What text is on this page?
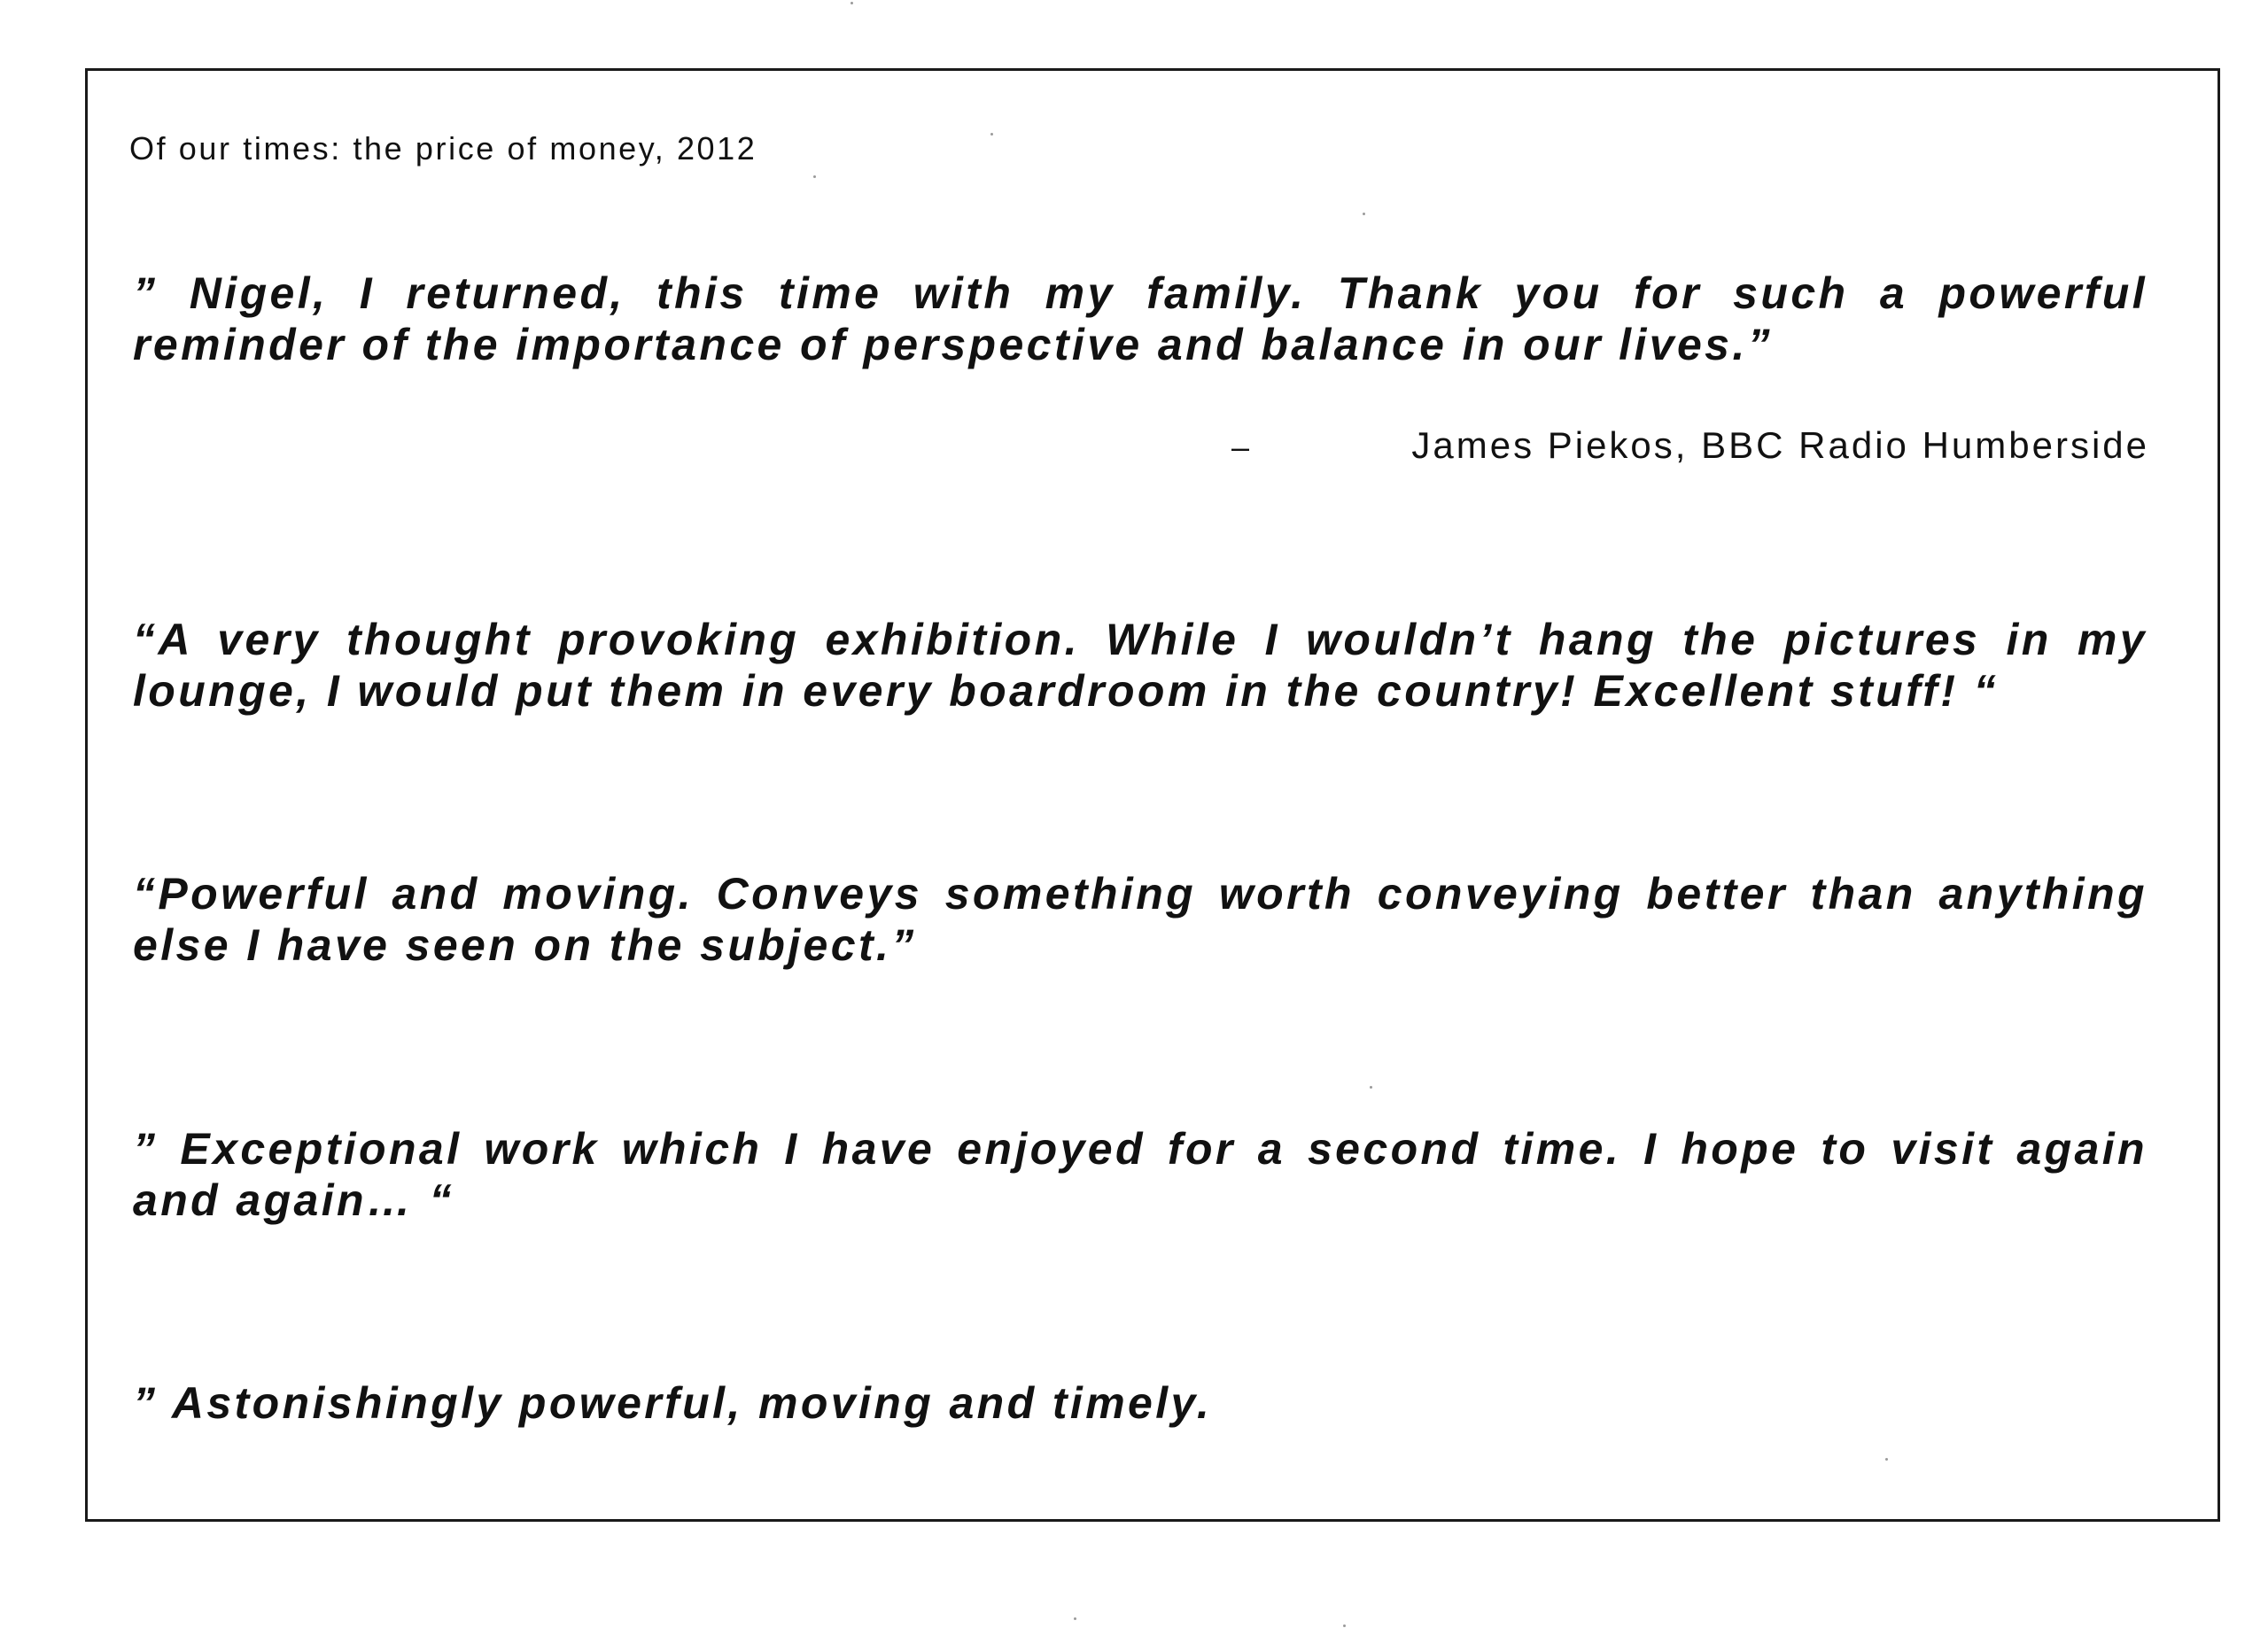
Of our times: the price of money, 2012
” Nigel, I returned, this time with my family. Thank you for such a powerful reminder of the importance of perspective and balance in our lives.”
–	James Piekos, BBC Radio Humberside
“A very thought provoking exhibition. While I wouldn’t hang the pictures in my lounge, I would put them in every boardroom in the country! Excellent stuff! “
“Powerful and moving. Conveys something worth conveying better than anything else I have seen on the subject.”
” Exceptional work which I have enjoyed for a second time. I hope to visit again and again… “
” Astonishingly powerful, moving and timely.
